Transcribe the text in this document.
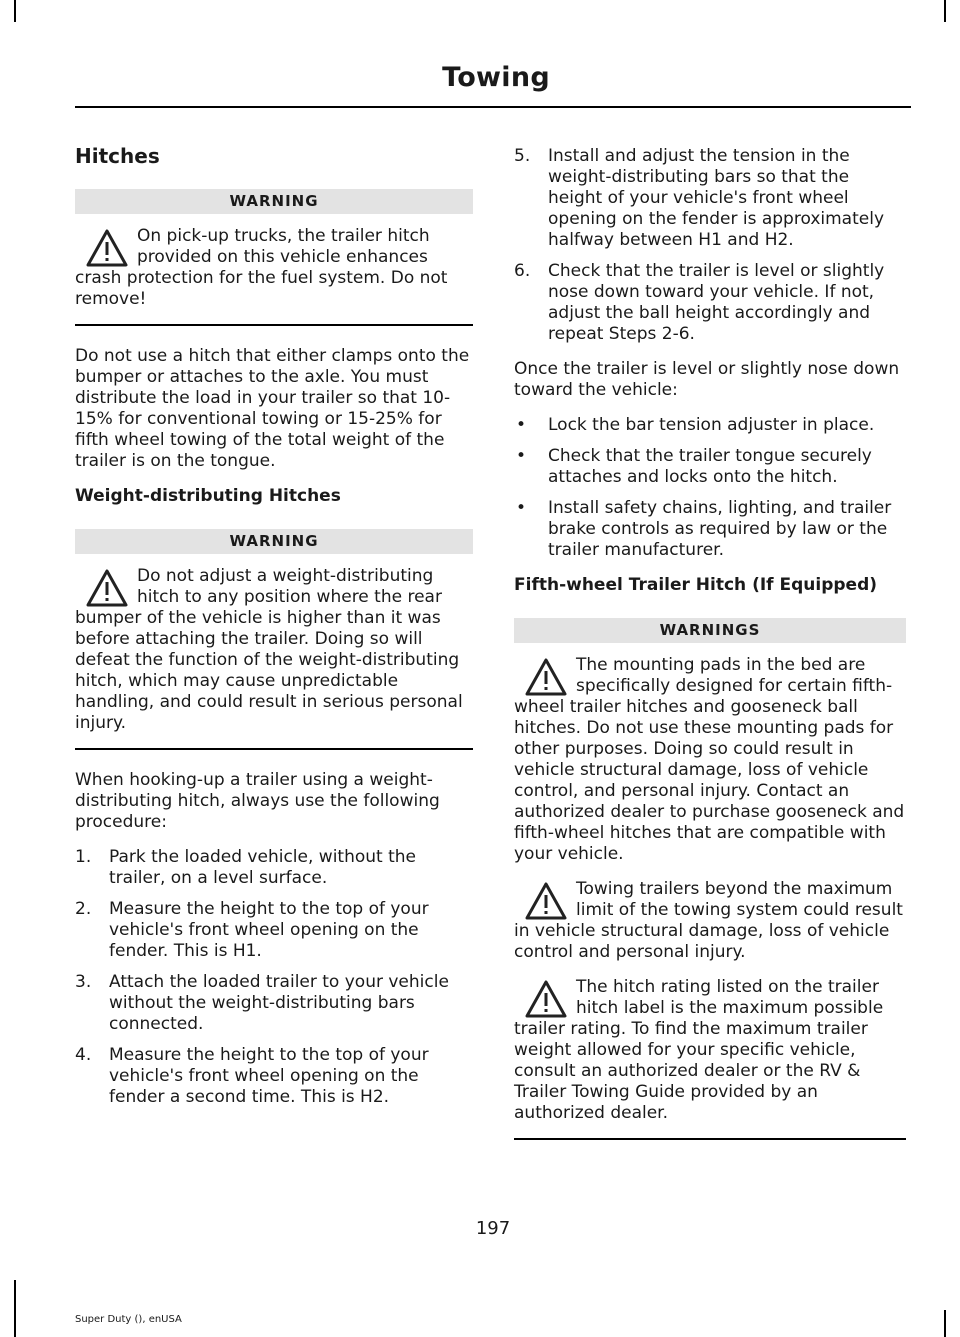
Towing
Hitches
WARNING
On pick-up trucks, the trailer hitch provided on this vehicle enhances crash protection for the fuel system. Do not remove!

Do not use a hitch that either clamps onto the bumper or attaches to the axle. You must distribute the load in your trailer so that 10-15% for conventional towing or 15-25% for fifth wheel towing of the total weight of the trailer is on the tongue.

Weight-distributing Hitches
WARNING
Do not adjust a weight-distributing hitch to any position where the rear bumper of the vehicle is higher than it was before attaching the trailer. Doing so will defeat the function of the weight-distributing hitch, which may cause unpredictable handling, and could result in serious personal injury.

When hooking-up a trailer using a weight-distributing hitch, always use the following procedure:

1. Park the loaded vehicle, without the trailer, on a level surface.
2. Measure the height to the top of your vehicle's front wheel opening on the fender. This is H1.
3. Attach the loaded trailer to your vehicle without the weight-distributing bars connected.
4. Measure the height to the top of your vehicle's front wheel opening on the fender a second time. This is H2.
5. Install and adjust the tension in the weight-distributing bars so that the height of your vehicle's front wheel opening on the fender is approximately halfway between H1 and H2.
6. Check that the trailer is level or slightly nose down toward your vehicle. If not, adjust the ball height accordingly and repeat Steps 2-6.

Once the trailer is level or slightly nose down toward the vehicle:

• Lock the bar tension adjuster in place.
• Check that the trailer tongue securely attaches and locks onto the hitch.
• Install safety chains, lighting, and trailer brake controls as required by law or the trailer manufacturer.
Fifth-wheel Trailer Hitch (If Equipped)
WARNINGS
The mounting pads in the bed are specifically designed for certain fifth-wheel trailer hitches and gooseneck ball hitches. Do not use these mounting pads for other purposes. Doing so could result in vehicle structural damage, loss of vehicle control, and personal injury. Contact an authorized dealer to purchase gooseneck and fifth-wheel hitches that are compatible with your vehicle.
Towing trailers beyond the maximum limit of the towing system could result in vehicle structural damage, loss of vehicle control and personal injury.
The hitch rating listed on the trailer hitch label is the maximum possible trailer rating. To find the maximum trailer weight allowed for your specific vehicle, consult an authorized dealer or the RV & Trailer Towing Guide provided by an authorized dealer.
197
Super Duty (), enUSA
